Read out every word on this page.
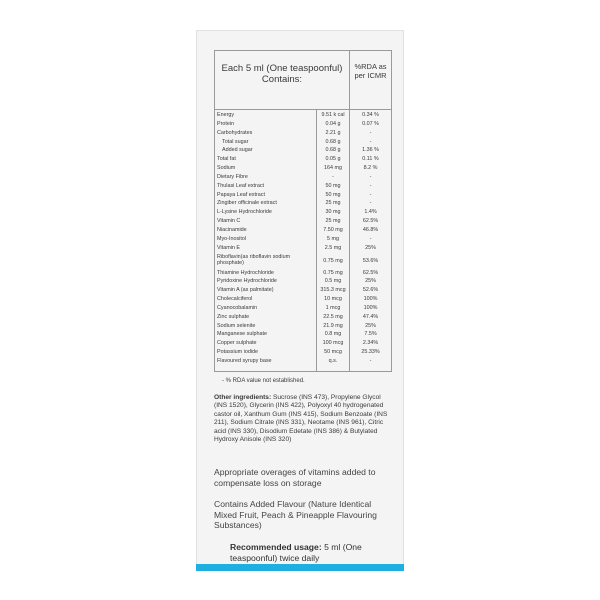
Each 5 ml (One teaspoonful)
Contains:
%RDA as
per ICMR
Energy	9.51 k cal	0.34 %
Protein	0.04 g	0.07 %
Carbohydrates	2.21 g	-
Total sugar	0.68 g	-
Added sugar	0.68 g	1.36 %
Total fat	0.05 g	0.11 %
Sodium	164 mg	8.2 %
Dietary Fibre	-	-
Thulasi Leaf extract	50 mg	-
Papaya Leaf extract	50 mg	-
Zingiber officinale extract	25 mg	-
L-Lysine Hydrochloride	30 mg	1.4%
Vitamin C	25 mg	62.5%
Niacinamide	7.50 mg	46.8%
Myo-Inositol	5 mg	-
Vitamin E	2.5 mg	25%
Riboflavin(as riboflavin sodium phosphate)	0.75 mg	53.6%
Thiamine Hydrochloride	0.75 mg	62.5%
Pyridoxine Hydrochloride	0.5 mg	25%
Vitamin A (as palmitate)	315.3 mcg	52.6%
Cholecalciferol	10 mcg	100%
Cyanocobalamin	1 mcg	100%
Zinc sulphate	22.5 mg	47.4%
Sodium selenite	21.9 mg	25%
Manganese sulphate	0.8 mg	7.5%
Copper sulphate	100 mcg	2.34%
Potassium iodide	50 mcg	25.33%
Flavoured syrupy base	q.s.	-
- % RDA value not established.
Other ingredients: Sucrose (INS 473), Propylene Glycol (INS 1520), Glycerin (INS 422), Polyoxyl 40 hydrogenated castor oil, Xanthum Gum (INS 415), Sodium Benzoate (INS 211), Sodium Citrate (INS 331), Neotame (INS 961), Citric acid (INS 330), Disodium Edetate (INS 386) & Butylated Hydroxy Anisole (INS 320)
Appropriate overages of vitamins added to compensate loss on storage
Contains Added Flavour (Nature Identical Mixed Fruit, Peach & Pineapple Flavouring Substances)
Recommended usage: 5 ml (One teaspoonful) twice daily
